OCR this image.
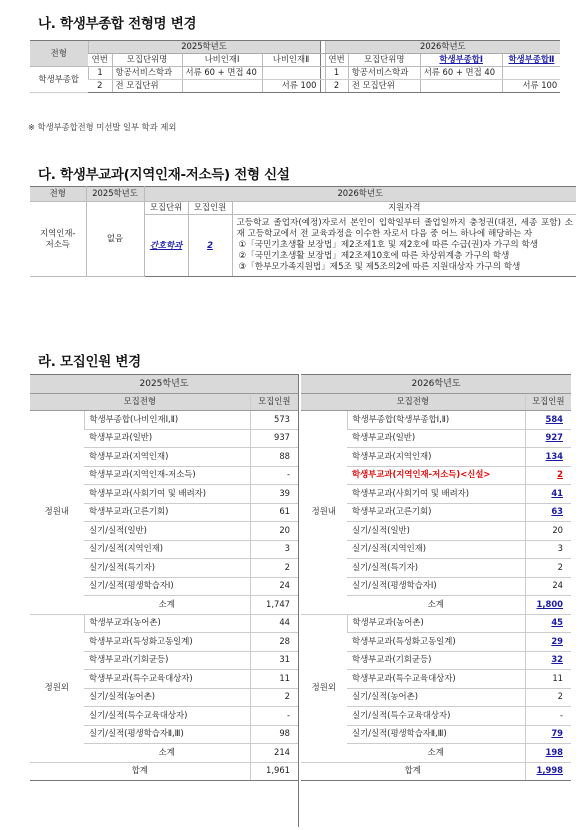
나. 학생부종합 전형명 변경
전형	2025학년도					2026학년도			
	연번	모집단위명	나비인재Ⅰ	나비인재Ⅱ		연번	모집단위명	학생부종합Ⅰ	학생부종합Ⅱ
학생부종합	1	항공서비스학과	서류 60 + 면접 40			1	항공서비스학과	서류 60 + 면접 40	
	2	전 모집단위		서류 100		2	전 모집단위		서류 100

※ 학생부종합전형 미선발 일부 학과 제외

다. 학생부교과(지역인재-저소득) 전형 신설
전형	2025학년도	2026학년도		
지역인재-
저소득	없음	모집단위	모집인원	지원자격
		간호학과	2	고등학교 졸업자(예정)자로서 본인이 입학일부터 졸업일까지 충청권(대전, 세종 포함) 소재 고등학교에서 전 교육과정을 이수한 자로서 다음 중 어느 하나에 해당하는 자
①「국민기초생활 보장법」제2조제1호 및 제2호에 따른 수급(권)자 가구의 학생
②「국민기초생활 보장법」제2조제10호에 따른 차상위계층 가구의 학생
③「한부모가족지원법」제5조 및 제5조의2에 따른 지원대상자 가구의 학생
라. 모집인원 변경
2025학년도		
모집전형		모집인원
정원내	학생부종합(나비인재Ⅰ,Ⅱ)	573
	학생부교과(일반)	937
	학생부교과(지역인재)	88
	학생부교과(지역인재-저소득)	-
	학생부교과(사회기여 및 배려자)	39
	학생부교과(고른기회)	61
	실기/실적(일반)	20
	실기/실적(지역인재)	3
	실기/실적(특기자)	2
	실기/실적(평생학습자Ⅰ)	24
	소계	1,747
정원외	학생부교과(농어촌)	44
	학생부교과(특성화고동일계)	28
	학생부교과(기회균등)	31
	학생부교과(특수교육대상자)	11
	실기/실적(농어촌)	2
	실기/실적(특수교육대상자)	-
	실기/실적(평생학습자Ⅱ,Ⅲ)	98
	소계	214
합계		1,961
2026학년도		
모집전형		모집인원
정원내	학생부종합(학생부종합Ⅰ,Ⅱ)	584
	학생부교과(일반)	927
	학생부교과(지역인재)	134
	학생부교과(지역인재-저소득)<신설>	2
	학생부교과(사회기여 및 배려자)	41
	학생부교과(고른기회)	63
	실기/실적(일반)	20
	실기/실적(지역인재)	3
	실기/실적(특기자)	2
	실기/실적(평생학습자Ⅰ)	24
	소계	1,800
정원외	학생부교과(농어촌)	45
	학생부교과(특성화고동일계)	29
	학생부교과(기회균등)	32
	학생부교과(특수교육대상자)	11
	실기/실적(농어촌)	2
	실기/실적(특수교육대상자)	-
	실기/실적(평생학습자Ⅱ,Ⅲ)	79
	소계	198
합계		1,998
